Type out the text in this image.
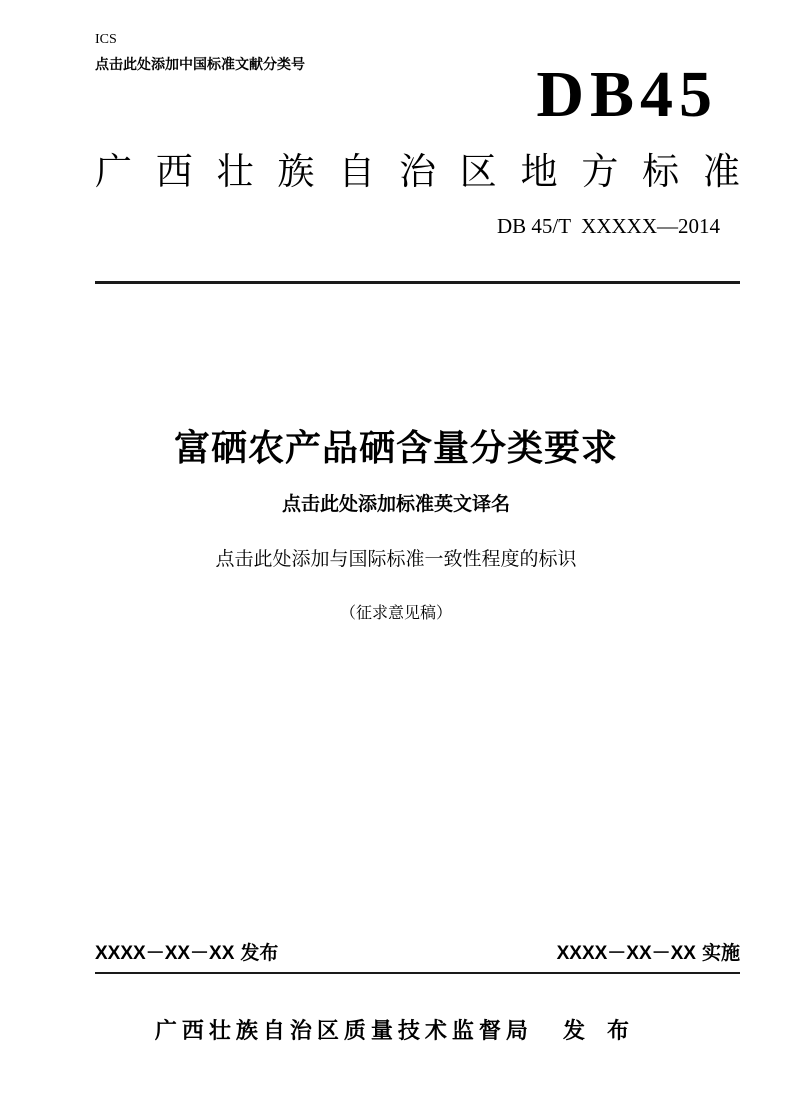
ICS
点击此处添加中国标准文献分类号	DB45
广 西 壮 族 自 治 区 地 方 标 准
DB 45/T  XXXXX—2014
富硒农产品硒含量分类要求
点击此处添加标准英文译名
点击此处添加与国际标准一致性程度的标识
（征求意见稿）
XXXX－XX－XX 发布	XXXX－XX－XX 实施
广西壮族自治区质量技术监督局 发 布
